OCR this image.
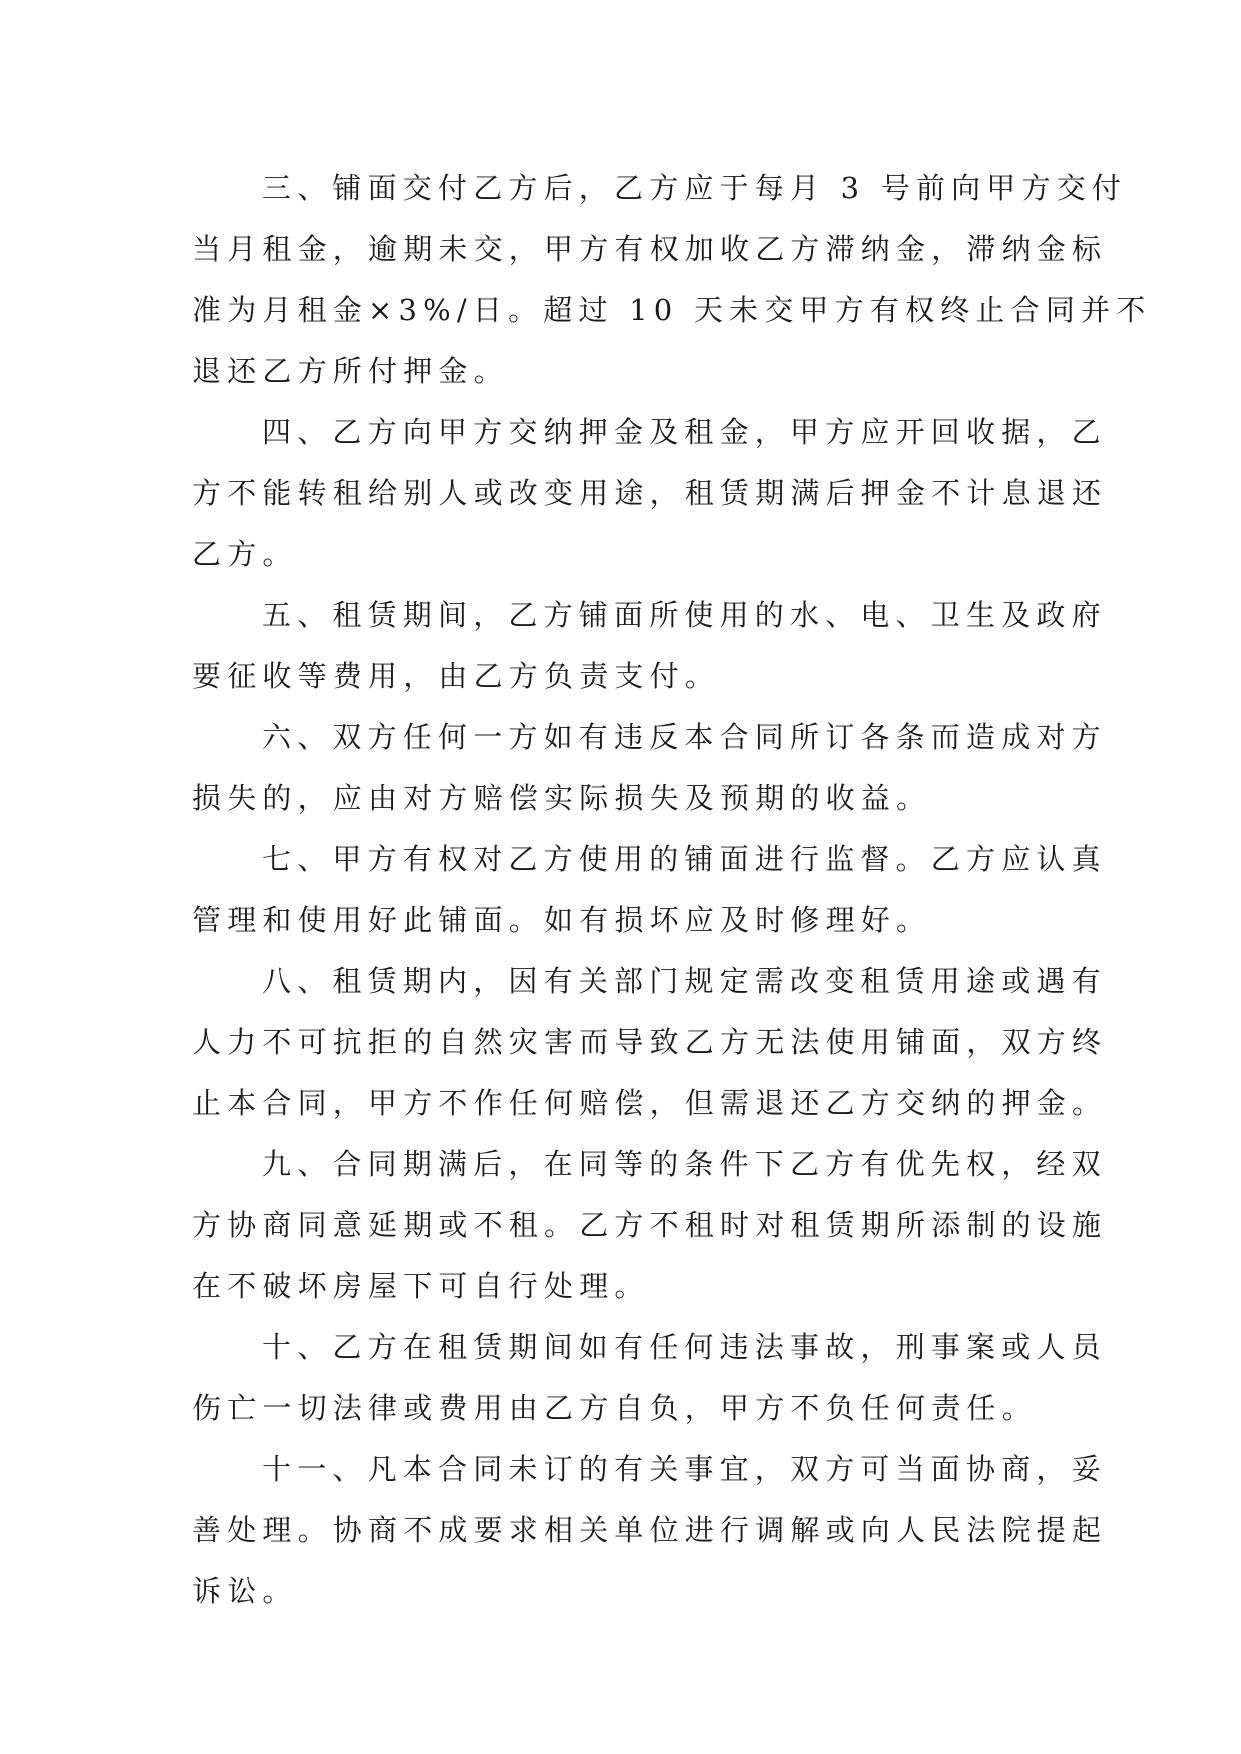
三、铺面交付乙方后，乙方应于每月 3 号前向甲方交付
当月租金，逾期未交，甲方有权加收乙方滞纳金，滞纳金标
准为月租金×3%/日。超过 10 天未交甲方有权终止合同并不
退还乙方所付押金。

四、乙方向甲方交纳押金及租金，甲方应开回收据，乙
方不能转租给别人或改变用途，租赁期满后押金不计息退还
乙方。

五、租赁期间，乙方铺面所使用的水、电、卫生及政府
要征收等费用，由乙方负责支付。

六、双方任何一方如有违反本合同所订各条而造成对方
损失的，应由对方赔偿实际损失及预期的收益。

七、甲方有权对乙方使用的铺面进行监督。乙方应认真
管理和使用好此铺面。如有损坏应及时修理好。

八、租赁期内，因有关部门规定需改变租赁用途或遇有
人力不可抗拒的自然灾害而导致乙方无法使用铺面，双方终
止本合同，甲方不作任何赔偿，但需退还乙方交纳的押金。

九、合同期满后，在同等的条件下乙方有优先权，经双
方协商同意延期或不租。乙方不租时对租赁期所添制的设施
在不破坏房屋下可自行处理。

十、乙方在租赁期间如有任何违法事故，刑事案或人员
伤亡一切法律或费用由乙方自负，甲方不负任何责任。

十一、凡本合同未订的有关事宜，双方可当面协商，妥
善处理。协商不成要求相关单位进行调解或向人民法院提起
诉讼。
